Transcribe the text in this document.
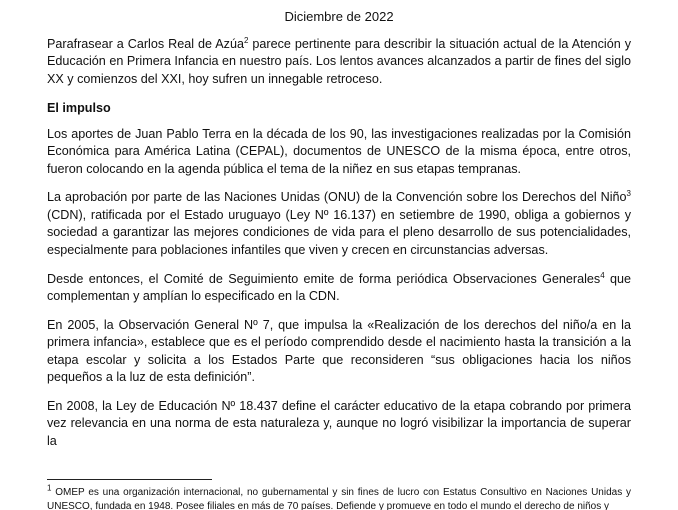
Diciembre de 2022

Parafrasear a Carlos Real de Azúa$^2$ parece pertinente para describir la situación actual de la Atención y Educación en Primera Infancia en nuestro país. Los lentos avances alcanzados a partir de fines del siglo XX y comienzos del XXI, hoy sufren un innegable retroceso.

El impulso

Los aportes de Juan Pablo Terra en la década de los 90, las investigaciones realizadas por la Comisión Económica para América Latina (CEPAL), documentos de UNESCO de la misma época, entre otros, fueron colocando en la agenda pública el tema de la niñez en sus etapas tempranas.

La aprobación por parte de las Naciones Unidas (ONU) de la Convención sobre los Derechos del Niño$^3$ (CDN), ratificada por el Estado uruguayo (Ley Nº 16.137) en setiembre de 1990, obliga a gobiernos y sociedad a garantizar las mejores condiciones de vida para el pleno desarrollo de sus potencialidades, especialmente para poblaciones infantiles que viven y crecen en circunstancias adversas.

Desde entonces, el Comité de Seguimiento emite de forma periódica Observaciones Generales$^4$ que complementan y amplían lo especificado en la CDN.

En 2005, la Observación General Nº 7, que impulsa la «Realización de los derechos del niño/a en la primera infancia», establece que es el período comprendido desde el nacimiento hasta la transición a la etapa escolar y solicita a los Estados Parte que reconsideren “sus obligaciones hacia los niños pequeños a la luz de esta definición”.

En 2008, la Ley de Educación Nº 18.437 define el carácter educativo de la etapa cobrando por primera vez relevancia en una norma de esta naturaleza y, aunque no logró visibilizar la importancia de superar la

$^1$ OMEP es una organización internacional, no gubernamental y sin fines de lucro con Estatus Consultivo en Naciones Unidas y UNESCO, fundada en 1948. Posee filiales en más de 70 países. Defiende y promueve en todo el mundo el derecho de niños y
